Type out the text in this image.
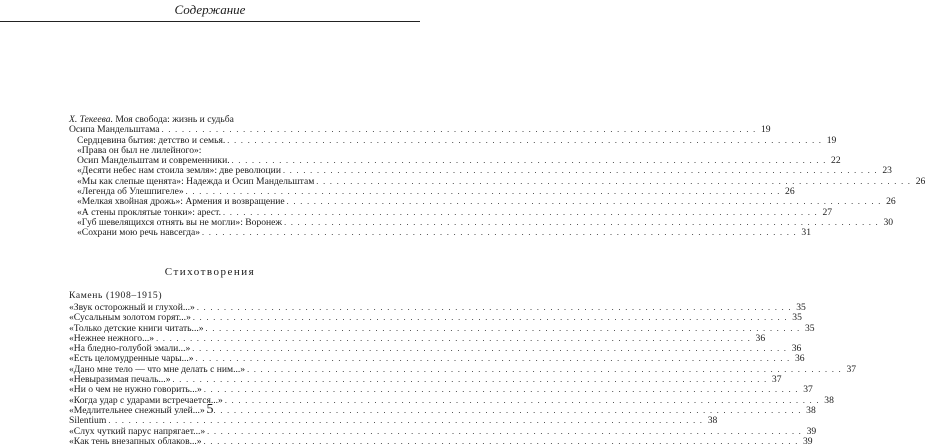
Содержание
Х. Текеева. Моя свобода: жизнь и судьба
Осипа Мандельштама . . .	19
Сердцевина бытия: детство и семья. . . .	19
«Права он был не лилейного»:
Осип Мандельштам и современники. . . .	22
«Десяти небес нам стоила земля»: две революции . . .	23
«Мы как слепые щенята»: Надежда и Осип Мандельштам . . .	26
«Легенда об Улешпигеле» . . .	26
«Мелкая хвойная дрожь»: Армения и возвращение . . .	26
«А стены проклятые тонки»: арест. . . .	27
«Губ шевелящихся отнять вы не могли»: Воронеж . . .	30
«Сохрани мою речь навсегда» . . .	31
Стихотворения
Камень (1908–1915)
«Звук осторожный и глухой...» . . .	35
«Сусальным золотом горят...» . . .	35
«Только детские книги читать...» . . .	35
«Нежнее нежного...» . . .	36
«На бледно-голубой эмали...» . . .	36
«Есть целомудренные чары...» . . .	36
«Дано мне тело — что мне делать с ним...» . . .	37
«Невыразимая печаль...» . . .	37
«Ни о чем не нужно говорить...» . . .	37
«Когда удар с ударами встречается...» . . .	38
«Медлительнее снежный улей...» . . .	38
Silentium . . .	38
«Слух чуткий парус напрягает...» . . .	39
«Как тень внезапных облаков...» . . .	39
5
